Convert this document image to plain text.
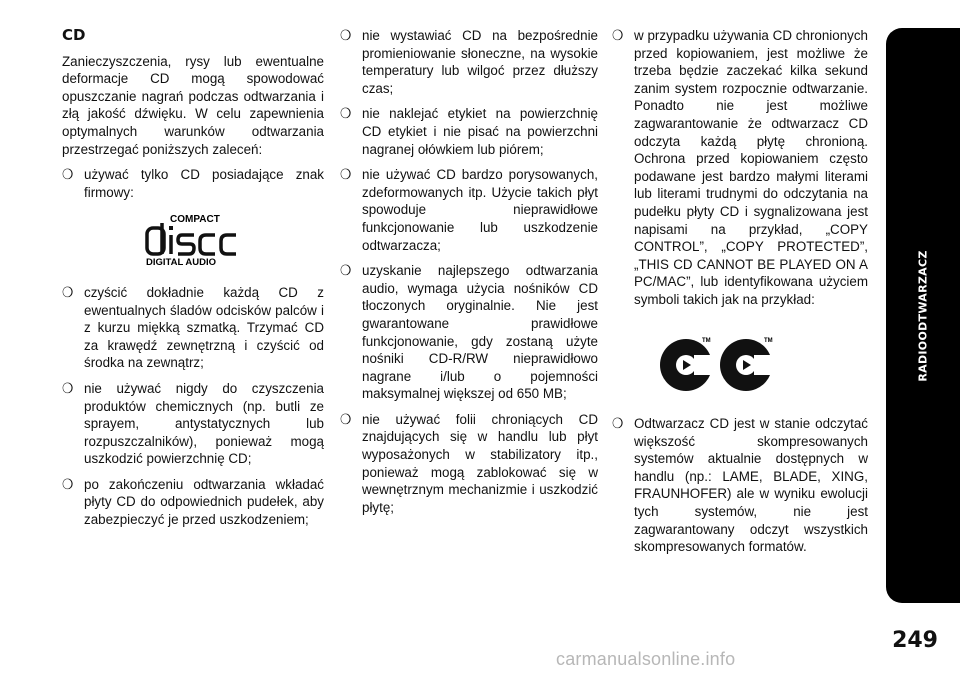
CD

Zanieczyszczenia, rysy lub ewentualne deformacje CD mogą spowodować opuszczanie nagrań podczas odtwarzania i złą jakość dźwięku. W celu zapewnienia optymalnych warunków odtwarzania przestrzegać poniższych zaleceń:

❍ używać tylko CD posiadające znak firmowy:
COMPACT
DIGITAL AUDIO
disc
❍ czyścić dokładnie każdą CD z ewentualnych śladów odcisków palców i z kurzu miękką szmatką. Trzymać CD za krawędź zewnętrzną i czyścić od środka na zewnątrz;
❍ nie używać nigdy do czyszczenia produktów chemicznych (np. butli ze sprayem, antystatycznych lub rozpuszczalników), ponieważ mogą uszkodzić powierzchnię CD;
❍ po zakończeniu odtwarzania wkładać płyty CD do odpowiednich pudełek, aby zabezpieczyć je przed uszkodzeniem;
❍ nie wystawiać CD na bezpośrednie promieniowanie słoneczne, na wysokie temperatury lub wilgoć przez dłuższy czas;
❍ nie naklejać etykiet na powierzchnię CD etykiet i nie pisać na powierzchni nagranej ołówkiem lub piórem;
❍ nie używać CD bardzo porysowanych, zdeformowanych itp. Użycie takich płyt spowoduje nieprawidłowe funkcjonowanie lub uszkodzenie odtwarzacza;
❍ uzyskanie najlepszego odtwarzania audio, wymaga użycia nośników CD tłoczonych oryginalnie. Nie jest gwarantowane prawidłowe funkcjonowanie, gdy zostaną użyte nośniki CD-R/RW nieprawidłowo nagrane i/lub o pojemności maksymalnej większej od 650 MB;
❍ nie używać folii chroniących CD znajdujących się w handlu lub płyt wyposażonych w stabilizatory itp., ponieważ mogą zablokować się w wewnętrznym mechanizmie i uszkodzić płytę;
❍ w przypadku używania CD chronionych przed kopiowaniem, jest możliwe że trzeba będzie zaczekać kilka sekund zanim system rozpocznie odtwarzanie. Ponadto nie jest możliwe zagwarantowanie że odtwarzacz CD odczyta każdą płytę chronioną. Ochrona przed kopiowaniem często podawane jest bardzo małymi literami lub literami trudnymi do odczytania na pudełku płyty CD i sygnalizowana jest napisami na przykład, „COPY CONTROL”, „COPY PROTECTED”, „THIS CD CANNOT BE PLAYED ON A PC/MAC”, lub identyfikowana użyciem symboli takich jak na przykład:
TM	TM
❍ Odtwarzacz CD jest w stanie odczytać większość skompresowanych systemów aktualnie dostępnych w handlu (np.: LAME, BLADE, XING, FRAUNHOFER) ale w wyniku ewolucji tych systemów, nie jest zagwarantowany odczyt wszystkich skompresowanych formatów.
RADIOODTWARZACZ
249
carmanualsonline.info
